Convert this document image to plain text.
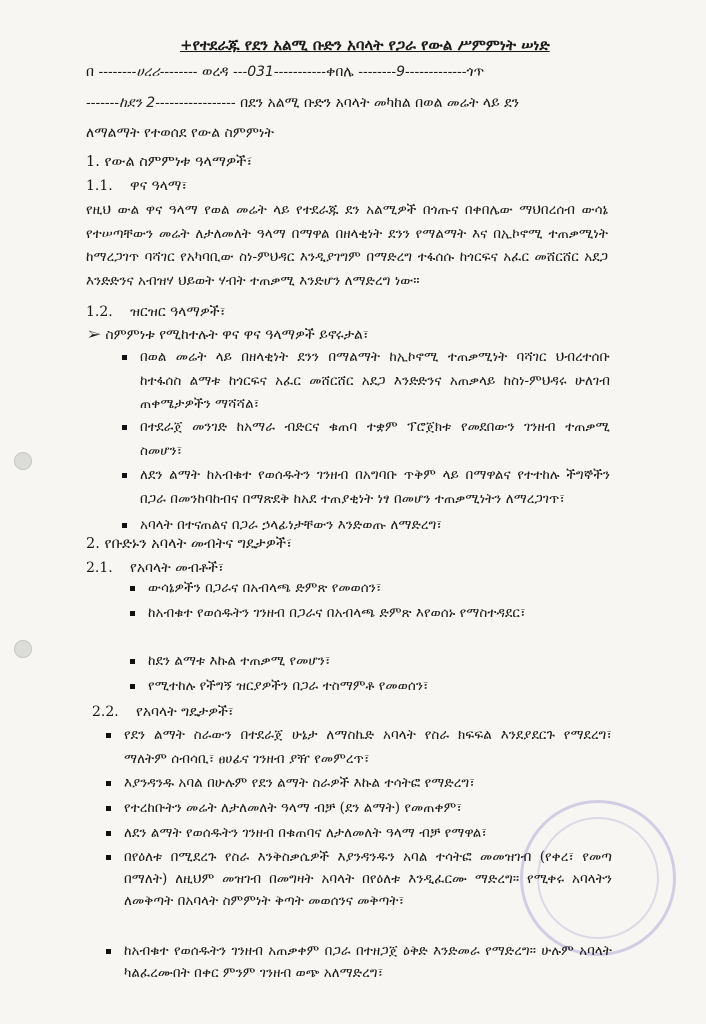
+የተደራጁ የደን አልሚ ቡድን አባላት የጋራ የውል ሥምምነት ሠነድ
በ --------ሀረሪ-------- ወረዳ ---031-----------ቀበሌ --------9-------------ጎጥ
-------ከደን 2----------------- በደን አልሚ ቡድን አባላት መካከል በወል መሬት ላይ ደን
ለማልማት የተወሰደ የውል ስምምነት
1. የውል ስምምነቱ ዓላማዎች፣
1.1. ዋና ዓላማ፣
የዚህ ውል ዋና ዓላማ የወል መሬት ላይ የተደራጁ ደን አልሚዎች በጎጡና በቀበሌው ማህበረሰብ ውሳኔ የተሠጣቸውን መሬት ለታለመለት ዓላማ በማዋል በዘላቂነት ደንን የማልማት እና በኢኮኖሚ ተጠቃሚነት ከማረጋገጥ ባሻገር የአካባቢው ስነ-ምህዳር እንዲያገግም በማድረግ ተፋሰሱ ከጎርፍና አፈር መሸርሸር አደጋ እንድድንና አብዝሃ ህይወት ሃብት ተጠቃሚ እንድሆን ለማድረግ ነው።
1.2. ዝርዝር ዓላማዎች፣
➢ ስምምነቱ የሚከተሉት ዋና ዋና ዓላማዎች ይኖሩታል፣
በወል መሬት ላይ በዘላቂነት ደንን በማልማት ከኢኮኖሚ ተጠቃሚነት ባሻገር ህብረተሰቡ ከተፋሰስ ልማቱ ከጎርፍና አፈር መሸርሸር አደጋ እንድድንና አጠቃላይ ከስነ-ምህዳሩ ሁለገብ ጠቀሜታዎችን ማሻሻል፣
በተደራጀ መንገድ ከአማራ ብድርና ቁጠባ ተቋም ፕሮጀክቱ የመደበውን ገንዘብ ተጠቃሚ ስመሆን፣
ለደን ልማት ከአብቁተ የወሰዱትን ገንዘብ በአግባቡ ጥቅም ላይ በማዋልና የተተከሉ ችግኞችን በጋራ በመንከባከብና በማጽደቅ ከአደ ተጠያቂነት ነፃ በመሆን ተጠቃሚነትን ለማረጋገጥ፣
አባላት በተናጠልና በጋራ ኃላፊነታቸውን እንድወጡ ለማድረግ፣
2. የቡድኑን አባላት መብትና ግዴታዎች፣
2.1. የአባላት መብቶች፣
ውሳኔዎችን በጋራና በአብላጫ ድምጽ የመወሰን፣
ከአብቁተ የወሰዱትን ገንዘብ በጋራና በአብላጫ ድምጽ እየወሰኑ የማስተዳደር፣
ከደን ልማቱ እኩል ተጠቃሚ የመሆን፣
የሚተከሉ የችግኝ ዝርያዎችን በጋራ ተስማምቶ የመወሰን፣
2.2. የአባላት ግዴታዎች፣
የደን ልማት ስራውን በተደራጀ ሁኔታ ለማስኬድ አባላት የስራ ክፍፍል እንደያደርጉ የማደረግ፣ ማለትም ሰብሳቢ፣ ፀሀፊና ገንዘብ ያዥ የመምረጥ፣
እያንዳንዱ አባል በሁሉም የደን ልማት ስራዎች እኩል ተሳትፎ የማድረግ፣
የተረከቡትን መሬት ለታለመለት ዓላማ ብቻ (ደን ልማት) የመጠቀም፣
ለደን ልማት የወሰዱትን ገንዘብ በቁጠባና ለታለመለት ዓላማ ብቻ የማዋል፣
በየዕለቱ በሚደረጉ የስራ እንቅስቃሴዎች እያንዳንዱን አባል ተሳትፎ መመዝገብ (የቀረ፣ የመጣ በማለት) ለዚህም መዝገብ በመግዛት አባላት በየዕለቱ እንዲፈርሙ ማድረግ። የሚቀሩ አባላትን ለመቅጣት በአባላት ስምምነት ቅጣት መወሰንና መቅጣት፣
ከአብቁተ የወሰዱትን ገንዘብ አጠቃቀም በጋራ በተዘጋጀ ዕቅድ እንድመራ የማድረግ። ሁሉም አባላት ካልፈረሙበት በቀር ምንም ገንዘብ ወጭ አለማድረግ፣
